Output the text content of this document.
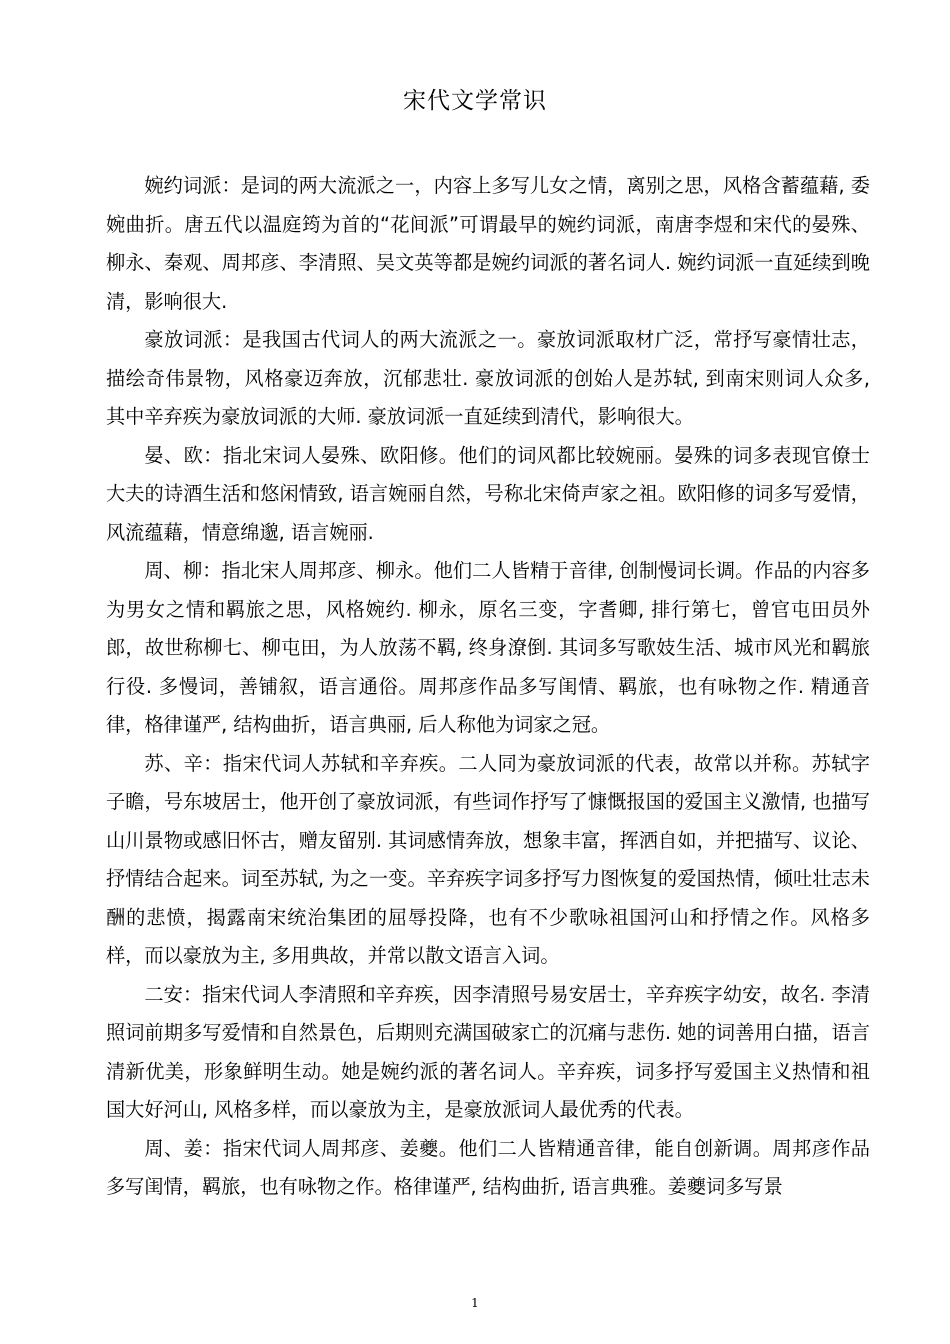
宋代文学常识

婉约词派：是词的两大流派之一，内容上多写儿女之情，离别之思，风格含蓄蕴藉, 委婉曲折。唐五代以温庭筠为首的“花间派”可谓最早的婉约词派，南唐李煜和宋代的晏殊、柳永、秦观、周邦彦、李清照、吴文英等都是婉约词派的著名词人. 婉约词派一直延续到晚清，影响很大.

豪放词派：是我国古代词人的两大流派之一。豪放词派取材广泛，常抒写豪情壮志，描绘奇伟景物，风格豪迈奔放，沉郁悲壮. 豪放词派的创始人是苏轼, 到南宋则词人众多, 其中辛弃疾为豪放词派的大师. 豪放词派一直延续到清代，影响很大。

晏、欧：指北宋词人晏殊、欧阳修。他们的词风都比较婉丽。晏殊的词多表现官僚士大夫的诗酒生活和悠闲情致, 语言婉丽自然，号称北宋倚声家之祖。欧阳修的词多写爱情，风流蕴藉，情意绵邈, 语言婉丽.

周、柳：指北宋人周邦彦、柳永。他们二人皆精于音律, 创制慢词长调。作品的内容多为男女之情和羁旅之思，风格婉约. 柳永，原名三变，字耆卿, 排行第七，曾官屯田员外郎，故世称柳七、柳屯田，为人放荡不羁, 终身潦倒. 其词多写歌妓生活、城市风光和羁旅行役. 多慢词，善铺叙，语言通俗。周邦彦作品多写闺情、羁旅，也有咏物之作. 精通音律，格律谨严, 结构曲折，语言典丽, 后人称他为词家之冠。

苏、辛：指宋代词人苏轼和辛弃疾。二人同为豪放词派的代表，故常以并称。苏轼字子瞻，号东坡居士，他开创了豪放词派，有些词作抒写了慷慨报国的爱国主义激情, 也描写山川景物或感旧怀古，赠友留别. 其词感情奔放，想象丰富，挥洒自如，并把描写、议论、抒情结合起来。词至苏轼, 为之一变。辛弃疾字词多抒写力图恢复的爱国热情，倾吐壮志未酬的悲愤，揭露南宋统治集团的屈辱投降，也有不少歌咏祖国河山和抒情之作。风格多样，而以豪放为主, 多用典故，并常以散文语言入词。

二安：指宋代词人李清照和辛弃疾，因李清照号易安居士，辛弃疾字幼安，故名. 李清照词前期多写爱情和自然景色，后期则充满国破家亡的沉痛与悲伤. 她的词善用白描，语言清新优美，形象鲜明生动。她是婉约派的著名词人。辛弃疾，词多抒写爱国主义热情和祖国大好河山, 风格多样，而以豪放为主，是豪放派词人最优秀的代表。

周、姜：指宋代词人周邦彦、姜夔。他们二人皆精通音律，能自创新调。周邦彦作品多写闺情，羁旅，也有咏物之作。格律谨严, 结构曲折, 语言典雅。姜夔词多写景

1
